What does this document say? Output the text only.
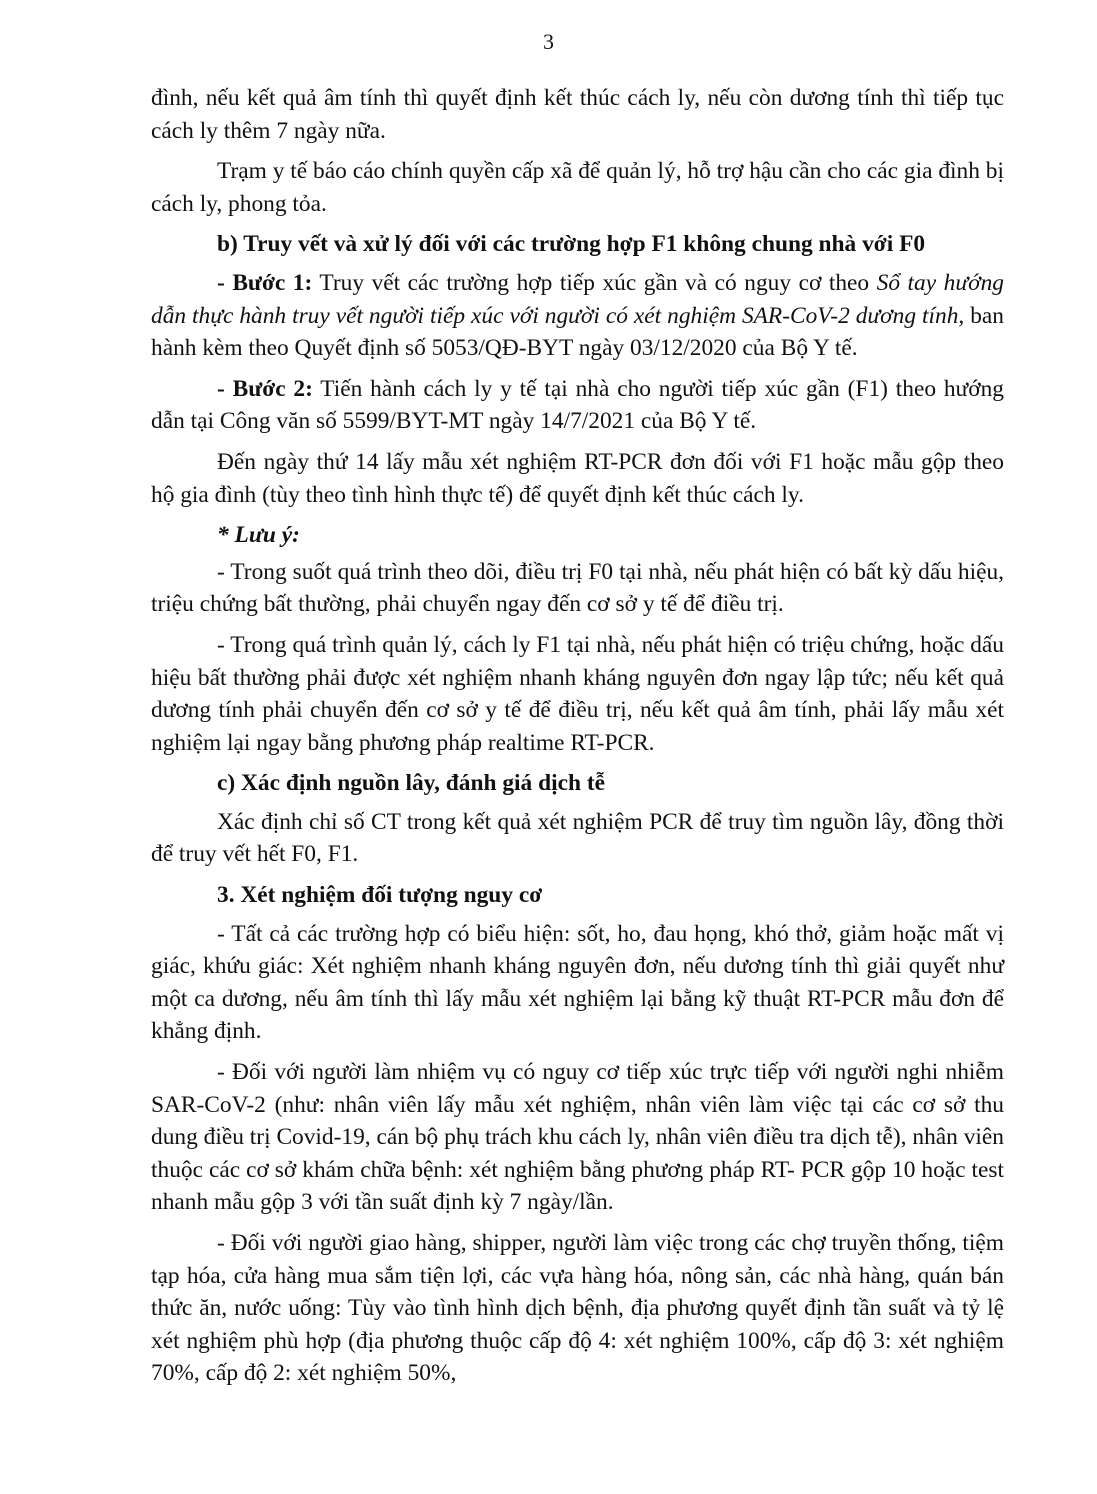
3

đình, nếu kết quả âm tính thì quyết định kết thúc cách ly, nếu còn dương tính thì tiếp tục cách ly thêm 7 ngày nữa.

Trạm y tế báo cáo chính quyền cấp xã để quản lý, hỗ trợ hậu cần cho các gia đình bị cách ly, phong tỏa.

b) Truy vết và xử lý đối với các trường hợp F1 không chung nhà với F0

- Bước 1: Truy vết các trường hợp tiếp xúc gần và có nguy cơ theo Sổ tay hướng dẫn thực hành truy vết người tiếp xúc với người có xét nghiệm SAR-CoV-2 dương tính, ban hành kèm theo Quyết định số 5053/QĐ-BYT ngày 03/12/2020 của Bộ Y tế.

- Bước 2: Tiến hành cách ly y tế tại nhà cho người tiếp xúc gần (F1) theo hướng dẫn tại Công văn số 5599/BYT-MT ngày 14/7/2021 của Bộ Y tế.

Đến ngày thứ 14 lấy mẫu xét nghiệm RT-PCR đơn đối với F1 hoặc mẫu gộp theo hộ gia đình (tùy theo tình hình thực tế) để quyết định kết thúc cách ly.

* Lưu ý:

- Trong suốt quá trình theo dõi, điều trị F0 tại nhà, nếu phát hiện có bất kỳ dấu hiệu, triệu chứng bất thường, phải chuyển ngay đến cơ sở y tế để điều trị.

- Trong quá trình quản lý, cách ly F1 tại nhà, nếu phát hiện có triệu chứng, hoặc dấu hiệu bất thường phải được xét nghiệm nhanh kháng nguyên đơn ngay lập tức; nếu kết quả dương tính phải chuyển đến cơ sở y tế để điều trị, nếu kết quả âm tính, phải lấy mẫu xét nghiệm lại ngay bằng phương pháp realtime RT-PCR.

c) Xác định nguồn lây, đánh giá dịch tễ

Xác định chỉ số CT trong kết quả xét nghiệm PCR để truy tìm nguồn lây, đồng thời để truy vết hết F0, F1.

3. Xét nghiệm đối tượng nguy cơ

- Tất cả các trường hợp có biểu hiện: sốt, ho, đau họng, khó thở, giảm hoặc mất vị giác, khứu giác: Xét nghiệm nhanh kháng nguyên đơn, nếu dương tính thì giải quyết như một ca dương, nếu âm tính thì lấy mẫu xét nghiệm lại bằng kỹ thuật RT-PCR mẫu đơn để khẳng định.

- Đối với người làm nhiệm vụ có nguy cơ tiếp xúc trực tiếp với người nghi nhiễm SAR-CoV-2 (như: nhân viên lấy mẫu xét nghiệm, nhân viên làm việc tại các cơ sở thu dung điều trị Covid-19, cán bộ phụ trách khu cách ly, nhân viên điều tra dịch tễ), nhân viên thuộc các cơ sở khám chữa bệnh: xét nghiệm bằng phương pháp RT- PCR gộp 10 hoặc test nhanh mẫu gộp 3 với tần suất định kỳ 7 ngày/lần.

- Đối với người giao hàng, shipper, người làm việc trong các chợ truyền thống, tiệm tạp hóa, cửa hàng mua sắm tiện lợi, các vựa hàng hóa, nông sản, các nhà hàng, quán bán thức ăn, nước uống: Tùy vào tình hình dịch bệnh, địa phương quyết định tần suất và tỷ lệ xét nghiệm phù hợp (địa phương thuộc cấp độ 4: xét nghiệm 100%, cấp độ 3: xét nghiệm 70%, cấp độ 2: xét nghiệm 50%,
